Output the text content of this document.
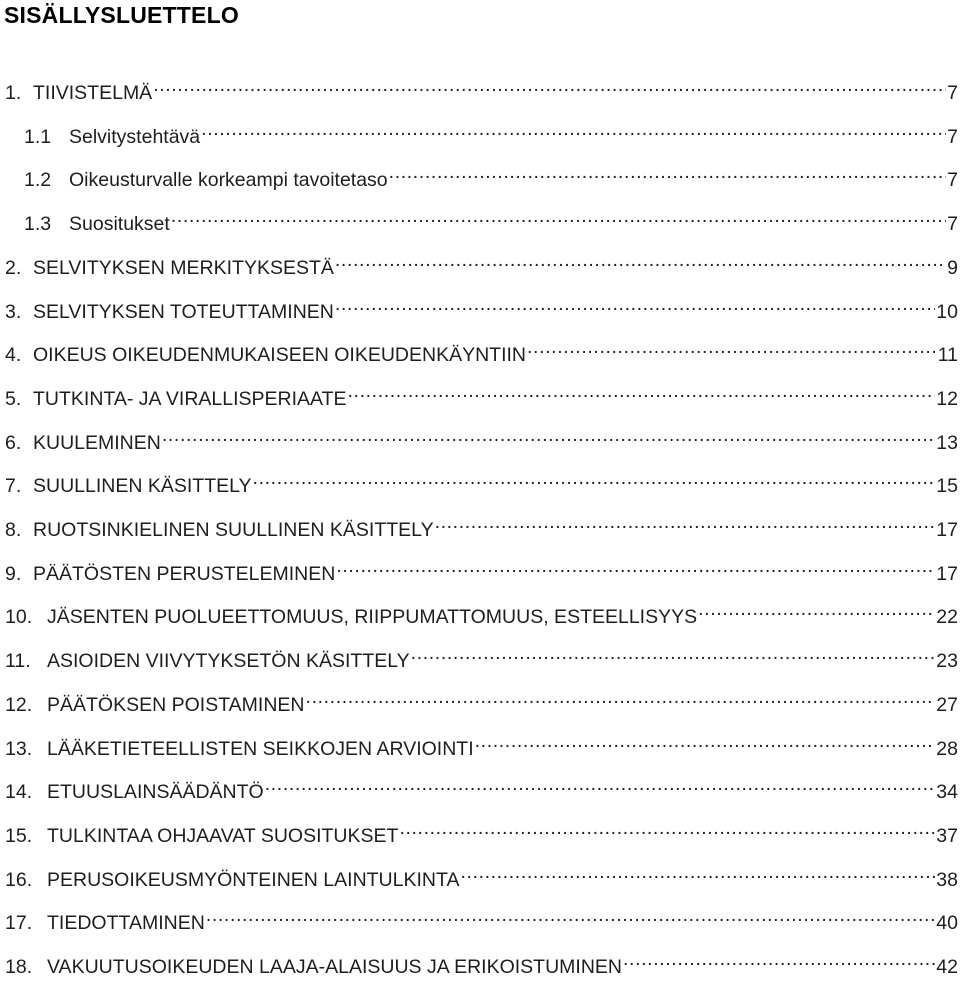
SISÄLLYSLUETTELO
1. TIIVISTELMÄ . . .	7
1.1 Selvitystehtävä . . .	7
1.2 Oikeusturvalle korkeampi tavoitetaso . . .	7
1.3 Suositukset . . .	7
2. SELVITYKSEN MERKITYKSESTÄ . . .	9
3. SELVITYKSEN TOTEUTTAMINEN . . .	10
4. OIKEUS OIKEUDENMUKAISEEN OIKEUDENKÄYNTIIN . . .	11
5. TUTKINTA- JA VIRALLISPERIAATE . . .	12
6. KUULEMINEN . . .	13
7. SUULLINEN KÄSITTELY . . .	15
8. RUOTSINKIELINEN SUULLINEN KÄSITTELY . . .	17
9. PÄÄTÖSTEN PERUSTELEMINEN . . .	17
10. JÄSENTEN PUOLUEETTOMUUS, RIIPPUMATTOMUUS, ESTEELLISYYS . . .	22
11. ASIOIDEN VIIVYTYKSETÖN KÄSITTELY . . .	23
12. PÄÄTÖKSEN POISTAMINEN . . .	27
13. LÄÄKETIETEELLISTEN SEIKKOJEN ARVIOINTI . . .	28
14. ETUUSLAINSÄÄDÄNTÖ . . .	34
15. TULKINTAA OHJAAVAT SUOSITUKSET . . .	37
16. PERUSOIKEUSMYÖNTEINEN LAINTULKINTA . . .	38
17. TIEDOTTAMINEN . . .	40
18. VAKUUTUSOIKEUDEN LAAJA-ALAISUUS JA ERIKOISTUMINEN . . .	42
